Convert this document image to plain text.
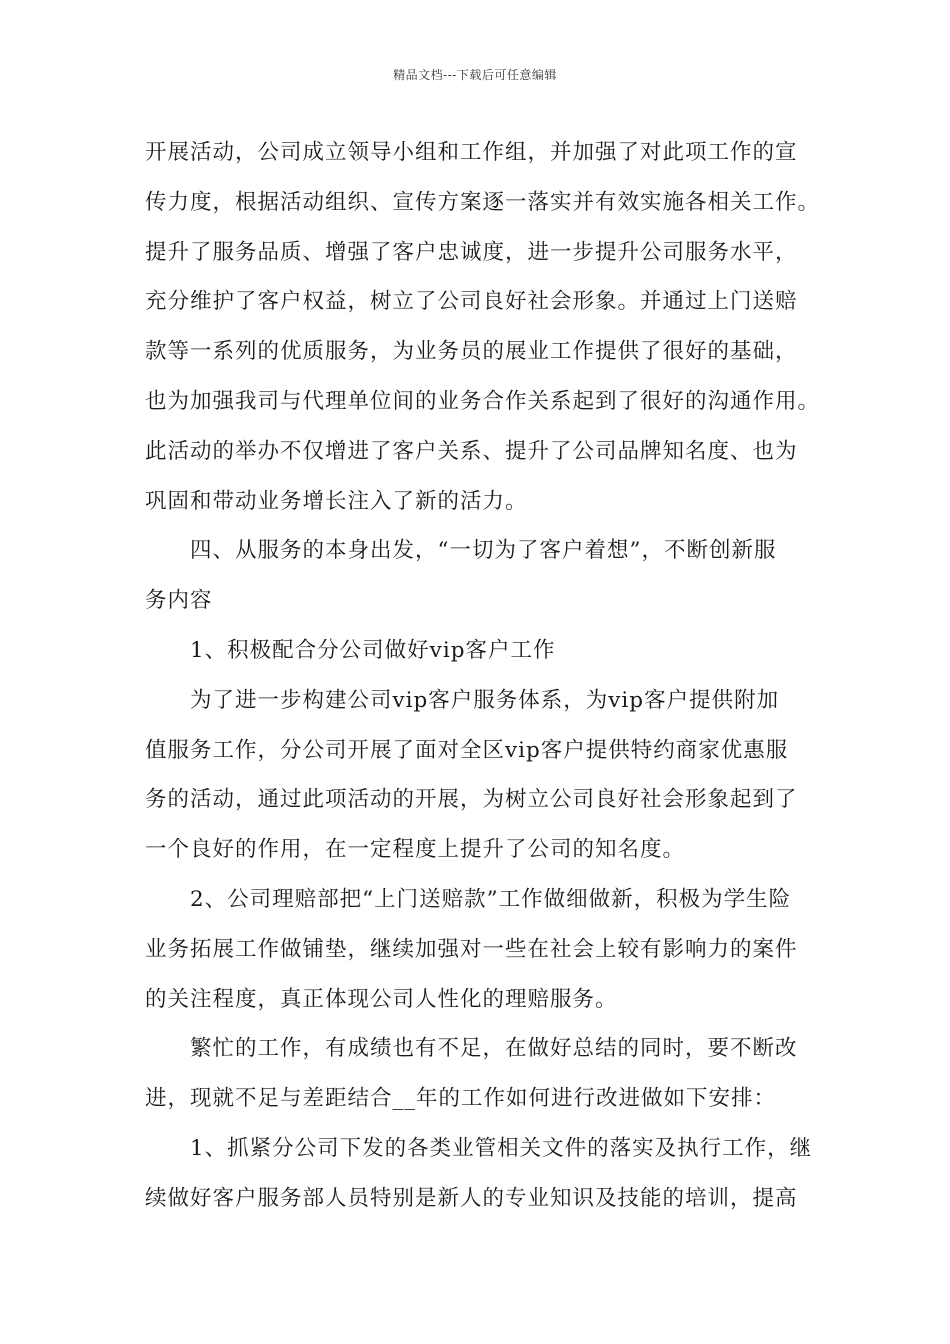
精品文档---下载后可任意编辑
开展活动，公司成立领导小组和工作组，并加强了对此项工作的宣
传力度，根据活动组织、宣传方案逐一落实并有效实施各相关工作。
提升了服务品质、增强了客户忠诚度，进一步提升公司服务水平，
充分维护了客户权益，树立了公司良好社会形象。并通过上门送赔
款等一系列的优质服务，为业务员的展业工作提供了很好的基础，
也为加强我司与代理单位间的业务合作关系起到了很好的沟通作用。
此活动的举办不仅增进了客户关系、提升了公司品牌知名度、也为
巩固和带动业务增长注入了新的活力。
四、从服务的本身出发，“一切为了客户着想”，不断创新服
务内容
1、积极配合分公司做好vip客户工作
为了进一步构建公司vip客户服务体系，为vip客户提供附加
值服务工作，分公司开展了面对全区vip客户提供特约商家优惠服
务的活动，通过此项活动的开展，为树立公司良好社会形象起到了
一个良好的作用，在一定程度上提升了公司的知名度。
2、公司理赔部把“上门送赔款”工作做细做新，积极为学生险
业务拓展工作做铺垫，继续加强对一些在社会上较有影响力的案件
的关注程度，真正体现公司人性化的理赔服务。
繁忙的工作，有成绩也有不足，在做好总结的同时，要不断改
进，现就不足与差距结合__年的工作如何进行改进做如下安排：
1、抓紧分公司下发的各类业管相关文件的落实及执行工作，继
续做好客户服务部人员特别是新人的专业知识及技能的培训，提高
